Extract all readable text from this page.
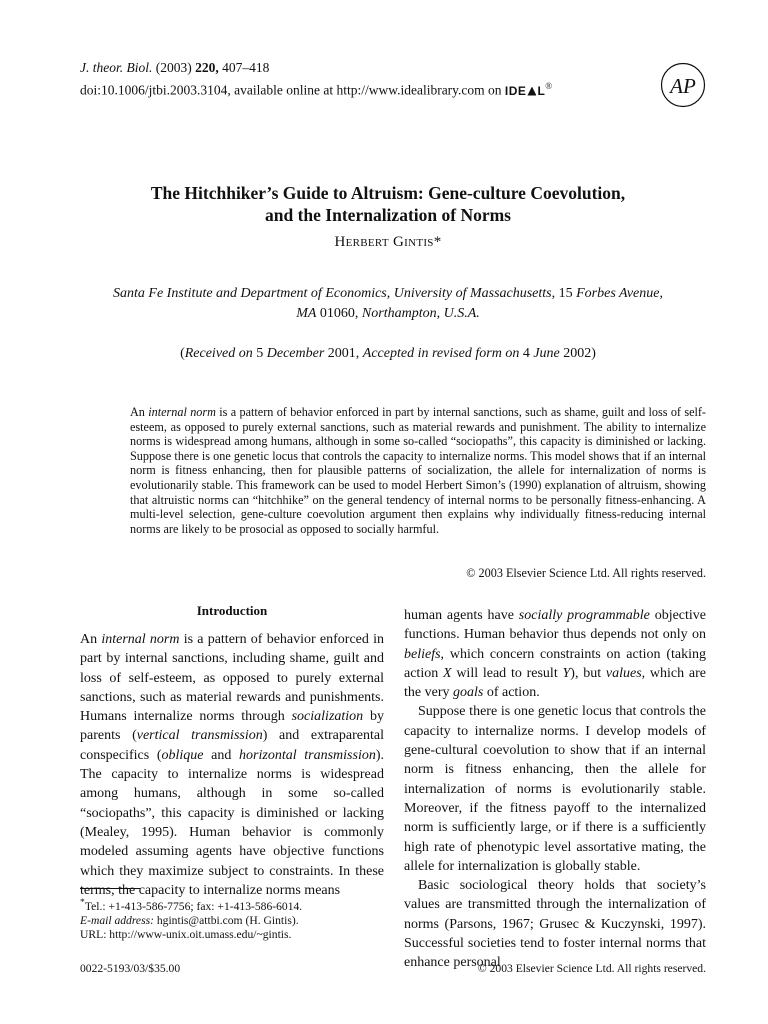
J. theor. Biol. (2003) 220, 407–418
doi:10.1006/jtbi.2003.3104, available online at http://www.idealibrary.com on IDE L®	AP
The Hitchhiker’s Guide to Altruism: Gene-culture Coevolution,
and the Internalization of Norms
Herbert Gintis*
Santa Fe Institute and Department of Economics, University of Massachusetts, 15 Forbes Avenue,
MA 01060, Northampton, U.S.A.
(Received on 5 December 2001, Accepted in revised form on 4 June 2002)
An internal norm is a pattern of behavior enforced in part by internal sanctions, such as shame, guilt and loss of self-esteem, as opposed to purely external sanctions, such as material rewards and punishment. The ability to internalize norms is widespread among humans, although in some so-called “sociopaths”, this capacity is diminished or lacking. Suppose there is one genetic locus that controls the capacity to internalize norms. This model shows that if an internal norm is fitness enhancing, then for plausible patterns of socialization, the allele for internalization of norms is evolutionarily stable. This framework can be used to model Herbert Simon’s (1990) explanation of altruism, showing that altruistic norms can “hitchhike” on the general tendency of internal norms to be personally fitness-enhancing. A multi-level selection, gene-culture coevolution argument then explains why individually fitness-reducing internal norms are likely to be prosocial as opposed to socially harmful.
© 2003 Elsevier Science Ltd. All rights reserved.
Introduction

An internal norm is a pattern of behavior enforced in part by internal sanctions, including shame, guilt and loss of self-esteem, as opposed to purely external sanctions, such as material rewards and punishments. Humans internalize norms through socialization by parents (vertical transmission) and extraparental conspecifics (oblique and horizontal transmission). The capacity to internalize norms is widespread among humans, although in some so-called “sociopaths”, this capacity is diminished or lacking (Mealey, 1995). Human behavior is commonly modeled assuming agents have objective functions which they maximize subject to constraints. In these terms, the capacity to internalize norms means

human agents have socially programmable objective functions. Human behavior thus depends not only on beliefs, which concern constraints on action (taking action X will lead to result Y), but values, which are the very goals of action.

Suppose there is one genetic locus that controls the capacity to internalize norms. I develop models of gene-cultural coevolution to show that if an internal norm is fitness enhancing, then the allele for internalization of norms is evolutionarily stable. Moreover, if the fitness payoff to the internalized norm is sufficiently large, or if there is a sufficiently high rate of phenotypic level assortative mating, the allele for internalization is globally stable.

Basic sociological theory holds that society’s values are transmitted through the internalization of norms (Parsons, 1967; Grusec & Kuczynski, 1997). Successful societies tend to foster internal norms that enhance personal

*Tel.: +1-413-586-7756; fax: +1-413-586-6014.
E-mail address: hgintis@attbi.com (H. Gintis).
URL: http://www-unix.oit.umass.edu/~gintis.
0022-5193/03/$35.00	© 2003 Elsevier Science Ltd. All rights reserved.
